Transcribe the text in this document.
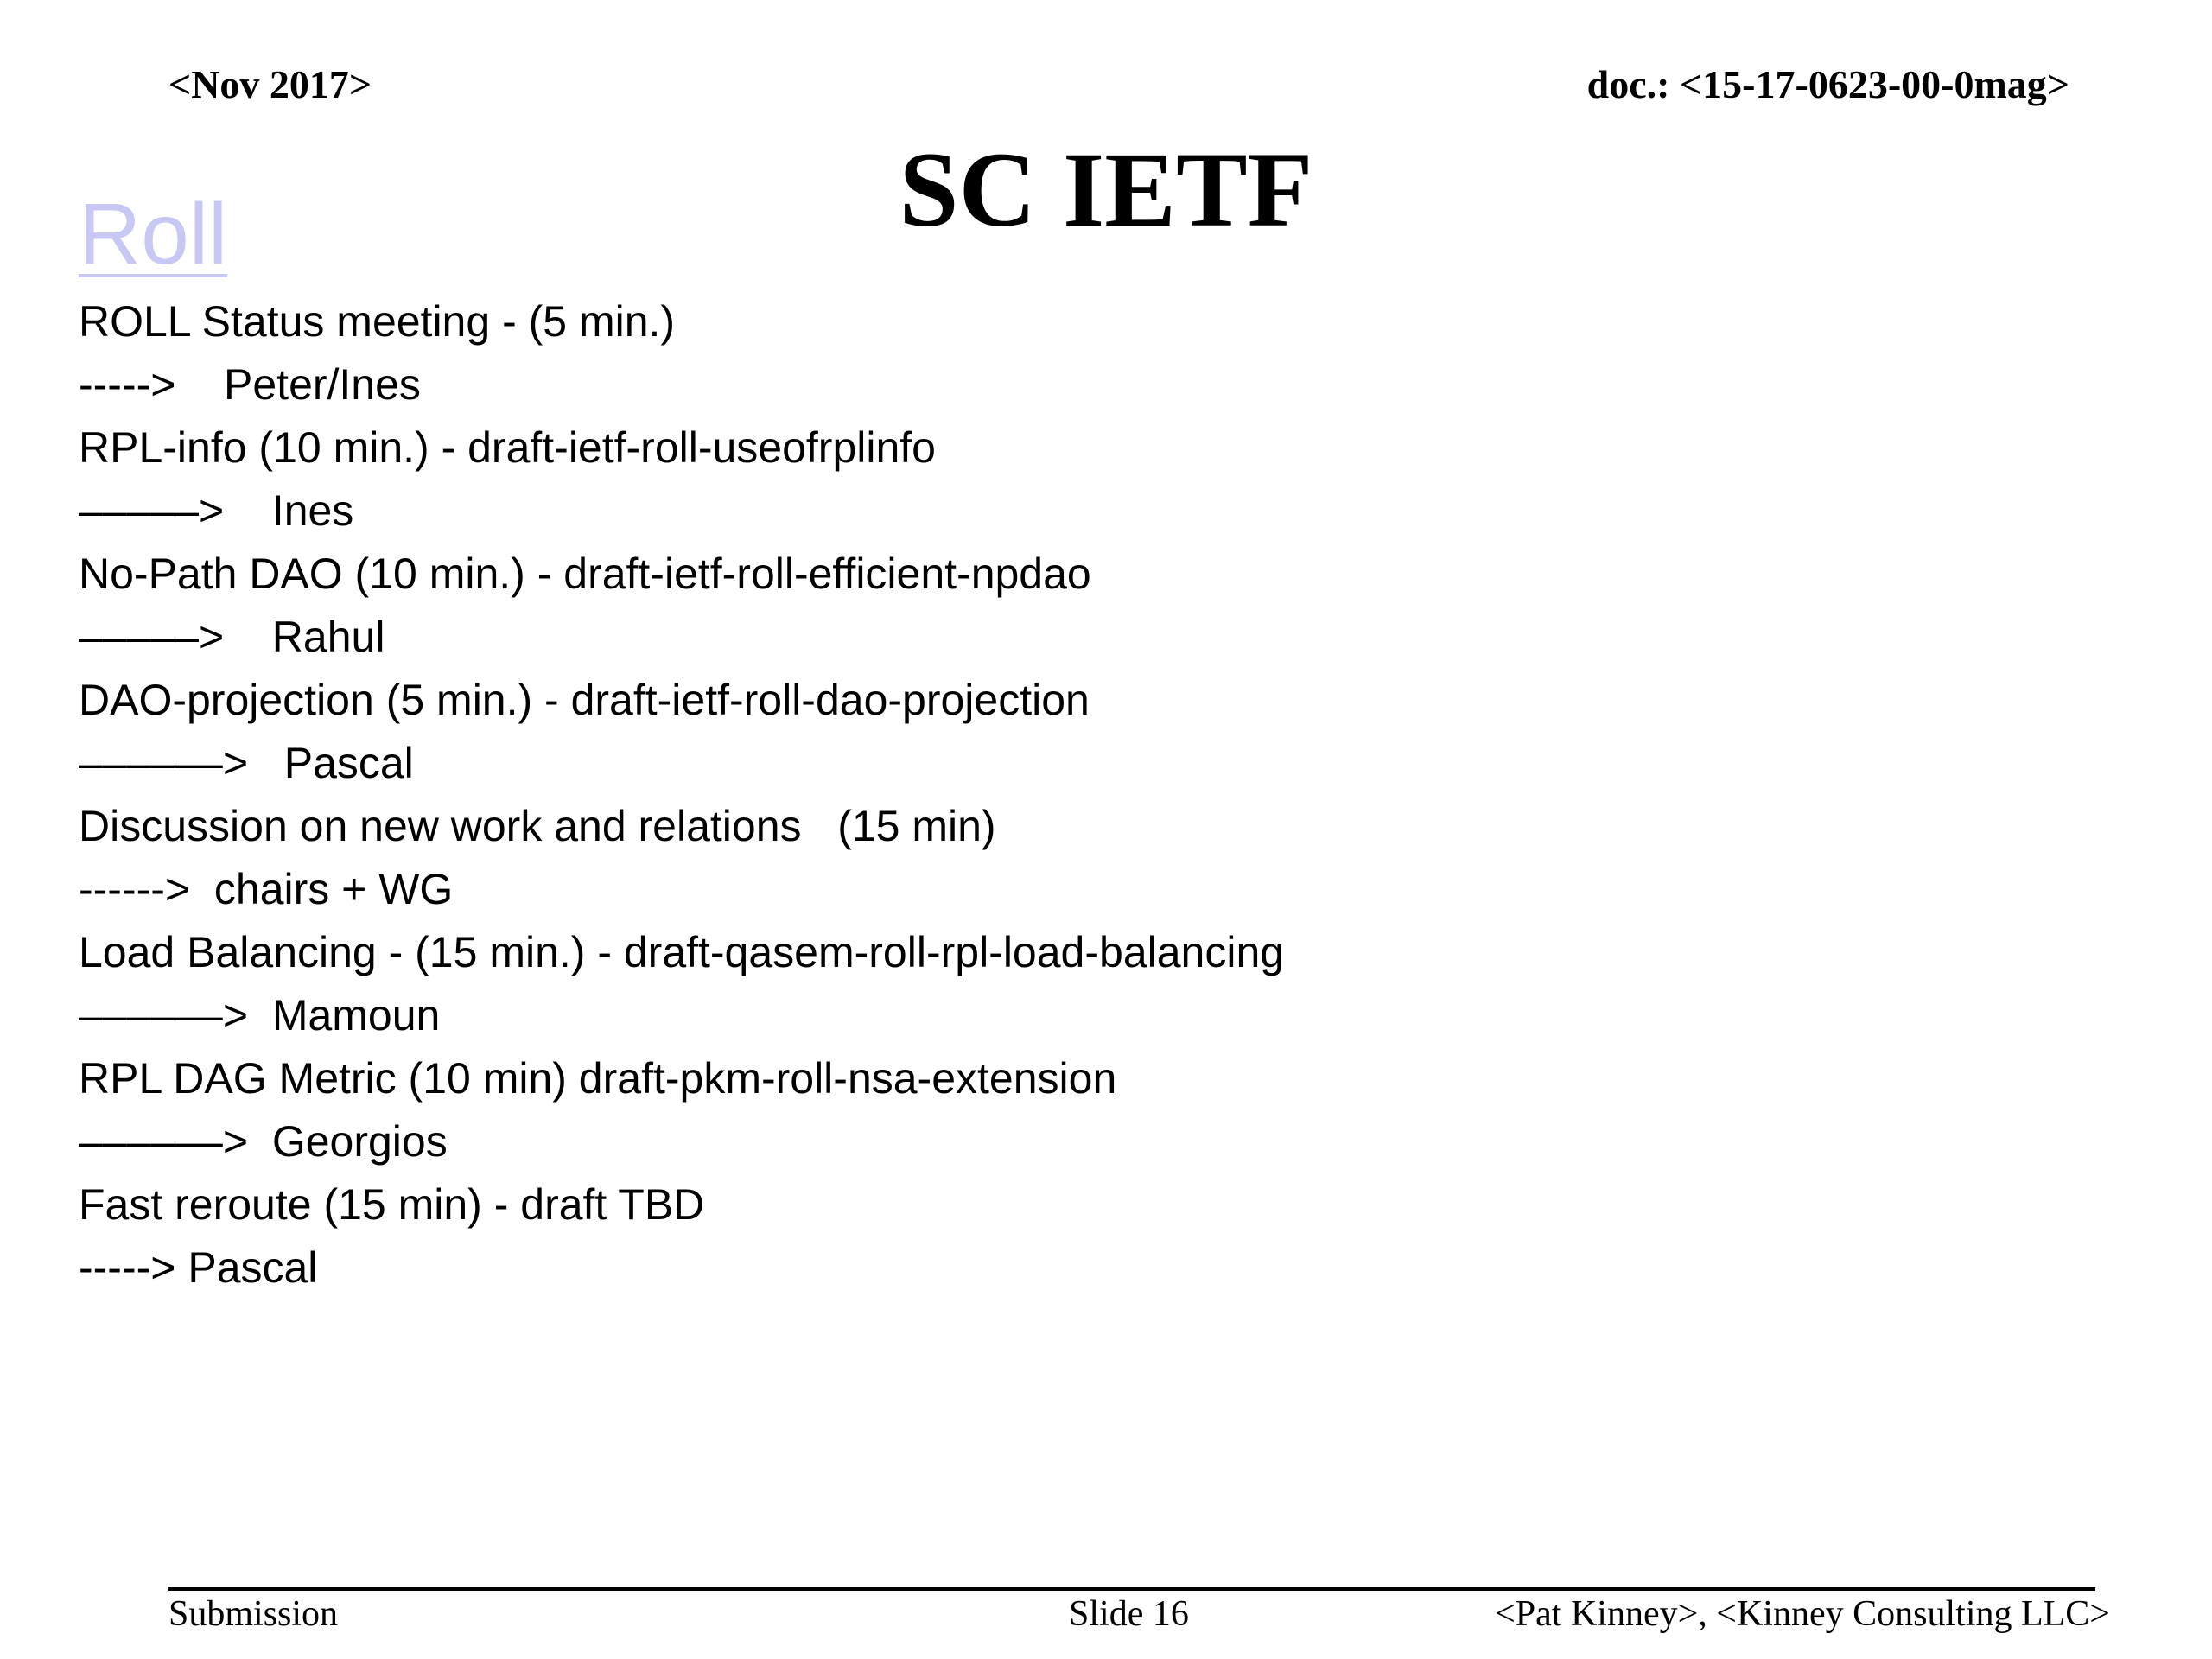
<Nov 2017>	doc.: <15-17-0623-00-0mag>
SC IETF
Roll
ROLL Status meeting - (5 min.)
----->    Peter/Ines
RPL-info (10 min.) - draft-ietf-roll-useofrplinfo
–––––>    Ines
No-Path DAO (10 min.) - draft-ietf-roll-efficient-npdao
–––––>    Rahul
DAO-projection (5 min.) - draft-ietf-roll-dao-projection
––––––>   Pascal
Discussion on new work and relations   (15 min)
------>  chairs + WG
Load Balancing - (15 min.) - draft-qasem-roll-rpl-load-balancing
––––––>  Mamoun
RPL DAG Metric (10 min) draft-pkm-roll-nsa-extension
––––––>  Georgios
Fast reroute (15 min) - draft TBD
-----> Pascal
Submission	Slide 16	<Pat Kinney>, <Kinney Consulting LLC>
